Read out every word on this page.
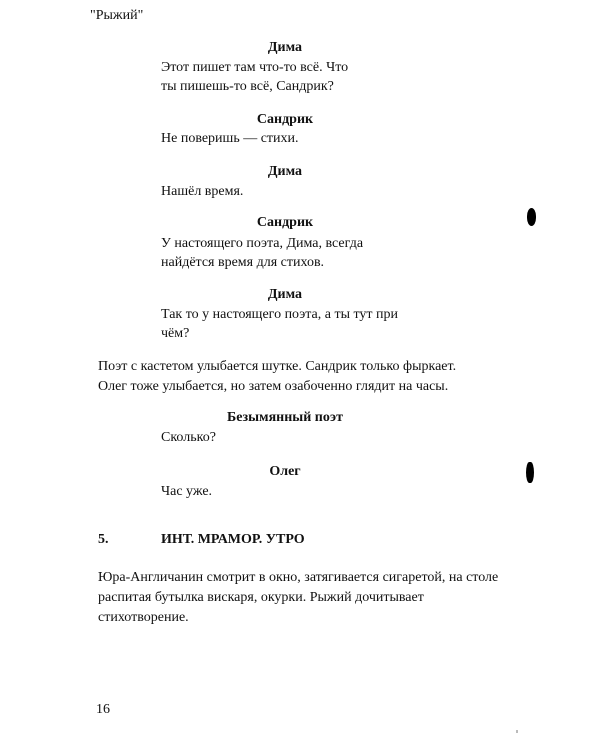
"Рыжий"
Дима
Этот пишет там что-то всё. Что
ты пишешь-то всё, Сандрик?
Сандрик
Не поверишь — стихи.
Дима
Нашёл время.
Сандрик
У настоящего поэта, Дима, всегда
найдётся время для стихов.
Дима
Так то у настоящего поэта, а ты тут при
чём?
Поэт с кастетом улыбается шутке. Сандрик только фыркает.
Олег тоже улыбается, но затем озабоченно глядит на часы.
Безымянный поэт
Сколько?
Олег
Час уже.
5.	ИНТ. МРАМОР. УТРО
Юра-Англичанин смотрит в окно, затягивается сигаретой, на столе
распитая бутылка вискаря, окурки. Рыжий дочитывает
стихотворение.
16
